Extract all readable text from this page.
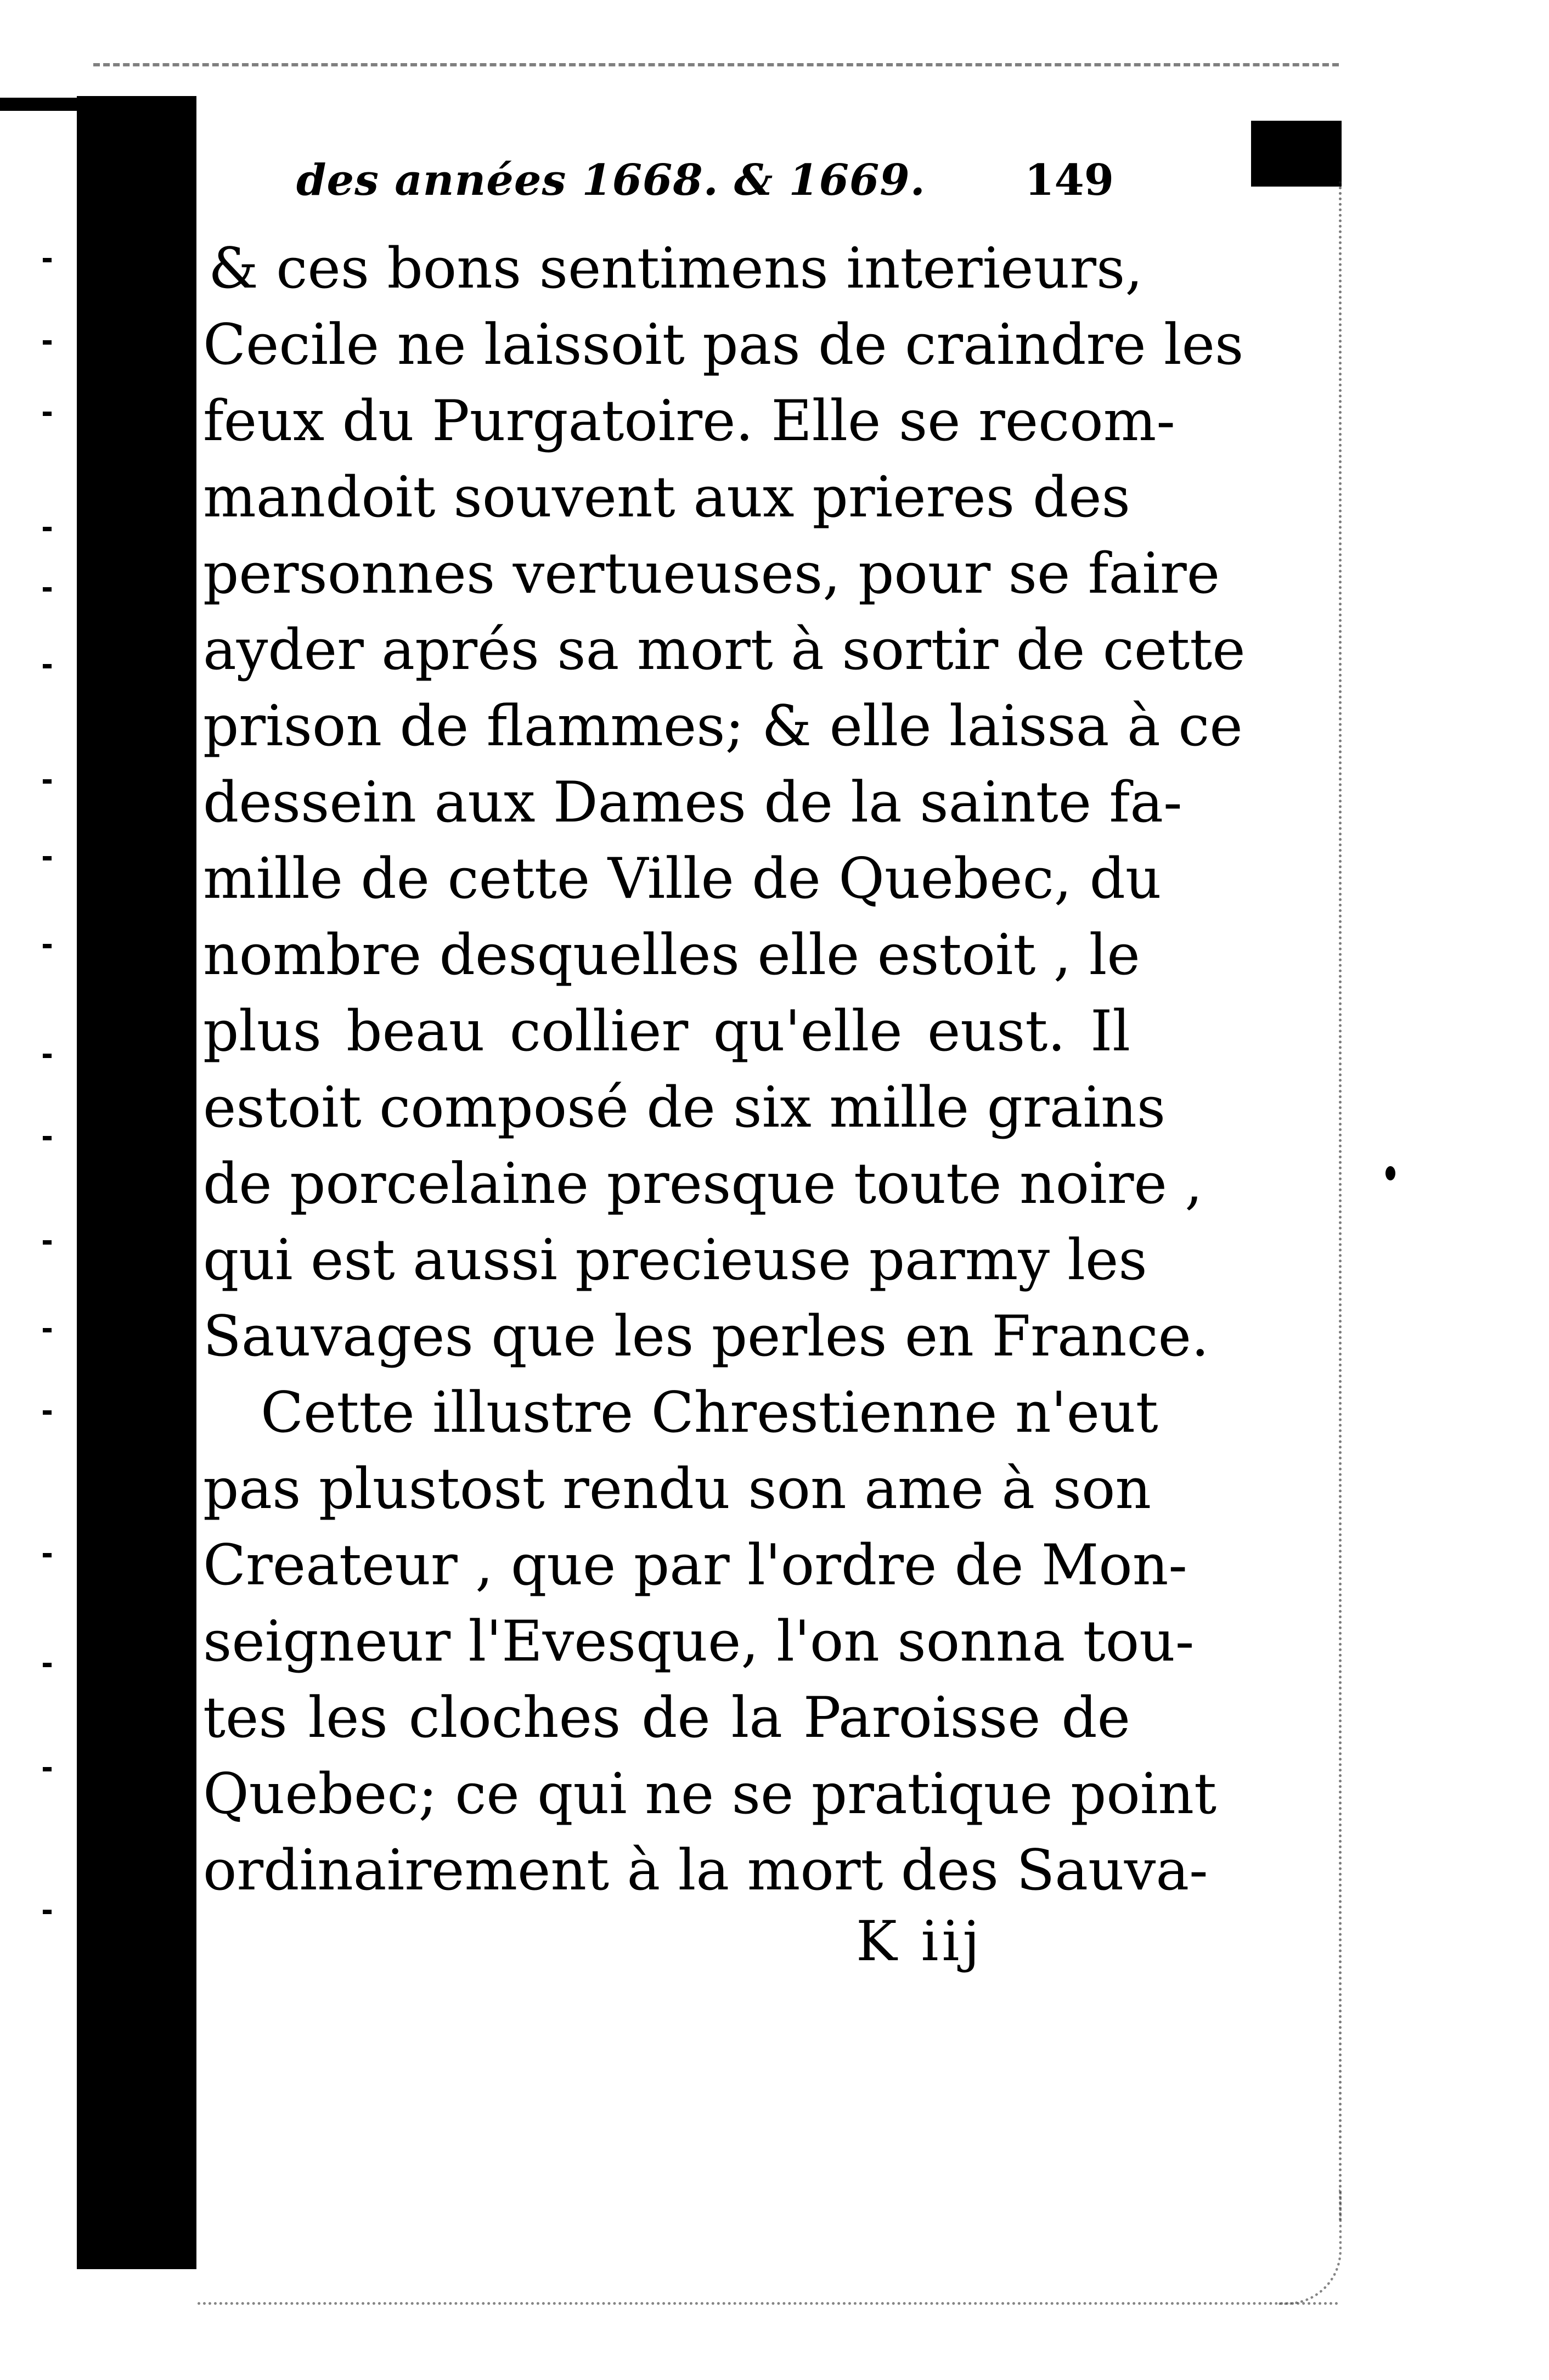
des années 1668. & 1669. 149
& ces bons sentimens interieurs,
Cecile ne laissoit pas de craindre les
feux du Purgatoire. Elle se recom-
mandoit souvent aux prieres des
personnes vertueuses, pour se faire
ayder aprés sa mort à sortir de cette
prison de flammes; & elle laissa à ce
dessein aux Dames de la sainte fa-
mille de cette Ville de Quebec, du
nombre desquelles elle estoit , le
plus beau collier qu'elle eust. Il
estoit composé de six mille grains
de porcelaine presque toute noire ,
qui est aussi precieuse parmy les
Sauvages que les perles en France.
Cette illustre Chrestienne n'eut
pas plustost rendu son ame à son
Createur , que par l'ordre de Mon-
seigneur l'Evesque, l'on sonna tou-
tes les cloches de la Paroisse de
Quebec; ce qui ne se pratique point
ordinairement à la mort des Sauva-
K iij
